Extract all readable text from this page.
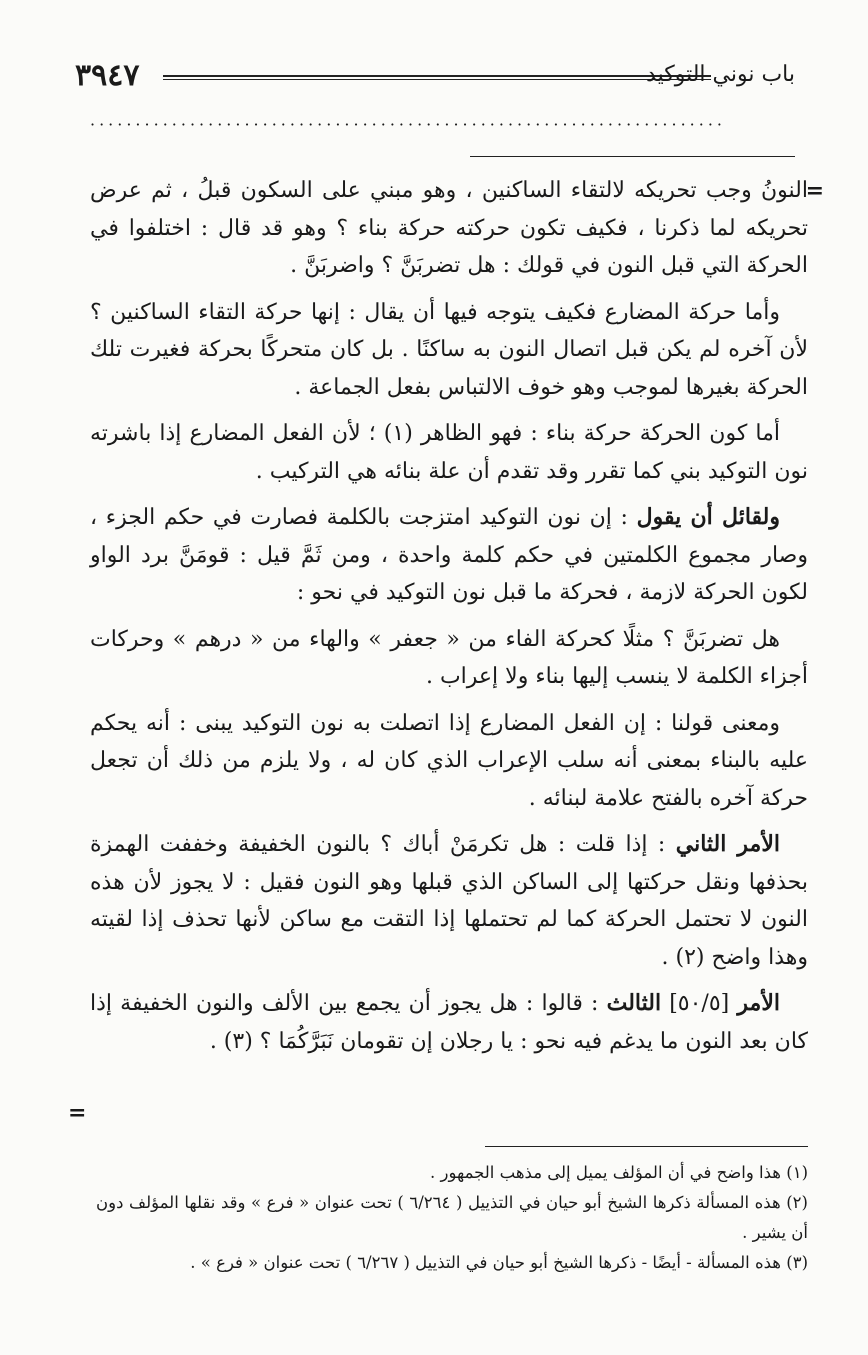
٣٩٤٧	باب نوني التوكيد
······································································
=

النونُ وجب تحريكه لالتقاء الساكنين ، وهو مبني على السكون قبلُ ، ثم عرض تحريكه لما ذكرنا ، فكيف تكون حركته حركة بناء ؟ وهو قد قال : اختلفوا في الحركة التي قبل النون في قولك : هل تضربَنَّ ؟ واضربَنَّ .

وأما حركة المضارع فكيف يتوجه فيها أن يقال : إنها حركة التقاء الساكنين ؟ لأن آخره لم يكن قبل اتصال النون به ساكنًا . بل كان متحركًا بحركة فغيرت تلك الحركة بغيرها لموجب وهو خوف الالتباس بفعل الجماعة .

أما كون الحركة حركة بناء : فهو الظاهر (١) ؛ لأن الفعل المضارع إذا باشرته نون التوكيد بني كما تقرر وقد تقدم أن علة بنائه هي التركيب .

ولقائل أن يقول : إن نون التوكيد امتزجت بالكلمة فصارت في حكم الجزء ، وصار مجموع الكلمتين في حكم كلمة واحدة ، ومن ثَمَّ قيل : قومَنَّ برد الواو لكون الحركة لازمة ، فحركة ما قبل نون التوكيد في نحو :

هل تضربَنَّ ؟ مثلًا كحركة الفاء من « جعفر » والهاء من « درهم » وحركات أجزاء الكلمة لا ينسب إليها بناء ولا إعراب .

ومعنى قولنا : إن الفعل المضارع إذا اتصلت به نون التوكيد يبنى : أنه يحكم عليه بالبناء بمعنى أنه سلب الإعراب الذي كان له ، ولا يلزم من ذلك أن تجعل حركة آخره بالفتح علامة لبنائه .

الأمر الثاني : إذا قلت : هل تكرمَنْ أباك ؟ بالنون الخفيفة وخففت الهمزة بحذفها ونقل حركتها إلى الساكن الذي قبلها وهو النون فقيل : لا يجوز لأن هذه النون لا تحتمل الحركة كما لم تحتملها إذا التقت مع ساكن لأنها تحذف إذا لقيته وهذا واضح (٢) .

الأمر [٥٠/٥] الثالث : قالوا : هل يجوز أن يجمع بين الألف والنون الخفيفة إذا كان بعد النون ما يدغم فيه نحو : يا رجلان إن تقومان نَبَرَّكُمَا ؟ (٣) .

=

(١) هذا واضح في أن المؤلف يميل إلى مذهب الجمهور .

(٢) هذه المسألة ذكرها الشيخ أبو حيان في التذييل ( ٦/٢٦٤ ) تحت عنوان « فرع » وقد نقلها المؤلف دون أن يشير .

(٣) هذه المسألة - أيضًا - ذكرها الشيخ أبو حيان في التذييل ( ٦/٢٦٧ ) تحت عنوان « فرع » .
